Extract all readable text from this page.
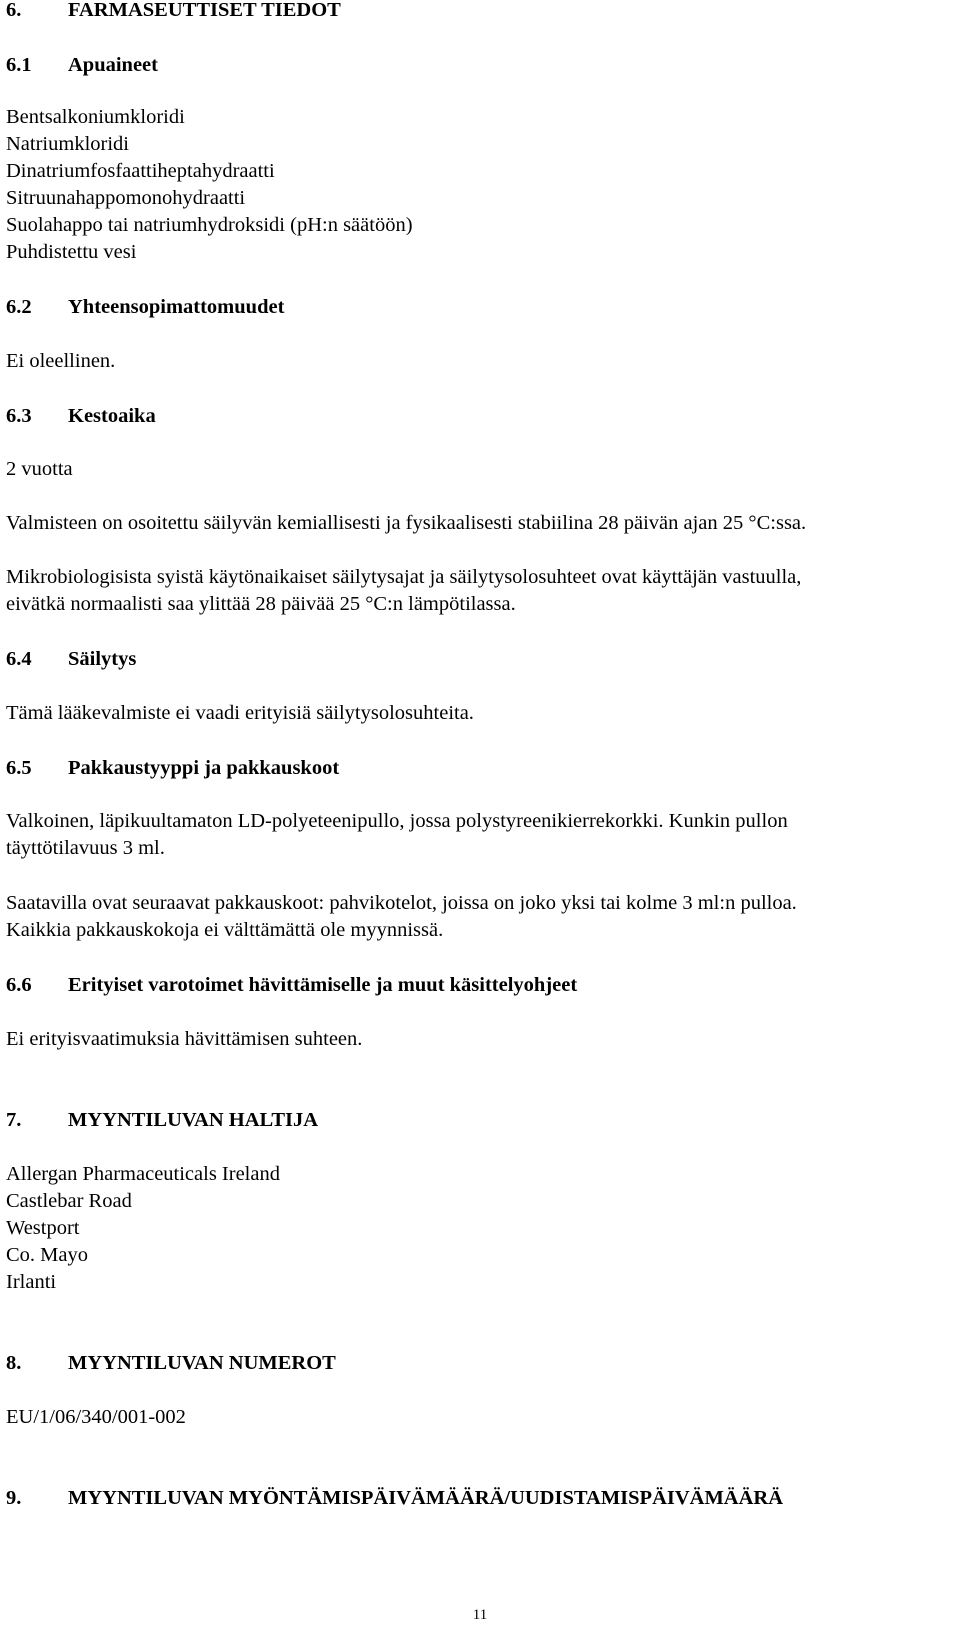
6. FARMASEUTTISET TIEDOT
6.1 Apuaineet
Bentsalkoniumkloridi
Natriumkloridi
Dinatriumfosfaattiheptahydraatti
Sitruunahappomonohydraatti
Suolahappo tai natriumhydroksidi (pH:n säätöön)
Puhdistettu vesi
6.2 Yhteensopimattomuudet
Ei oleellinen.
6.3 Kestoaika
2 vuotta
Valmisteen on osoitettu säilyvän kemiallisesti ja fysikaalisesti stabiilina 28 päivän ajan 25 °C:ssa.
Mikrobiologisista syistä käytönaikaiset säilytysajat ja säilytysolosuhteet ovat käyttäjän vastuulla,
eivätkä normaalisti saa ylittää 28 päivää 25 °C:n lämpötilassa.
6.4 Säilytys
Tämä lääkevalmiste ei vaadi erityisiä säilytysolosuhteita.
6.5 Pakkaustyyppi ja pakkauskoot
Valkoinen, läpikuultamaton LD-polyeteenipullo, jossa polystyreenikierrekorkki. Kunkin pullon
täyttötilavuus 3 ml.
Saatavilla ovat seuraavat pakkauskoot: pahvikotelot, joissa on joko yksi tai kolme 3 ml:n pulloa.
Kaikkia pakkauskokoja ei välttämättä ole myynnissä.
6.6 Erityiset varotoimet hävittämiselle ja muut käsittelyohjeet
Ei erityisvaatimuksia hävittämisen suhteen.
7. MYYNTILUVAN HALTIJA
Allergan Pharmaceuticals Ireland
Castlebar Road
Westport
Co. Mayo
Irlanti
8. MYYNTILUVAN NUMEROT
EU/1/06/340/001-002
9. MYYNTILUVAN MYÖNTÄMISPÄIVÄMÄÄRÄ/UUDISTAMISPÄIVÄMÄÄRÄ
11
